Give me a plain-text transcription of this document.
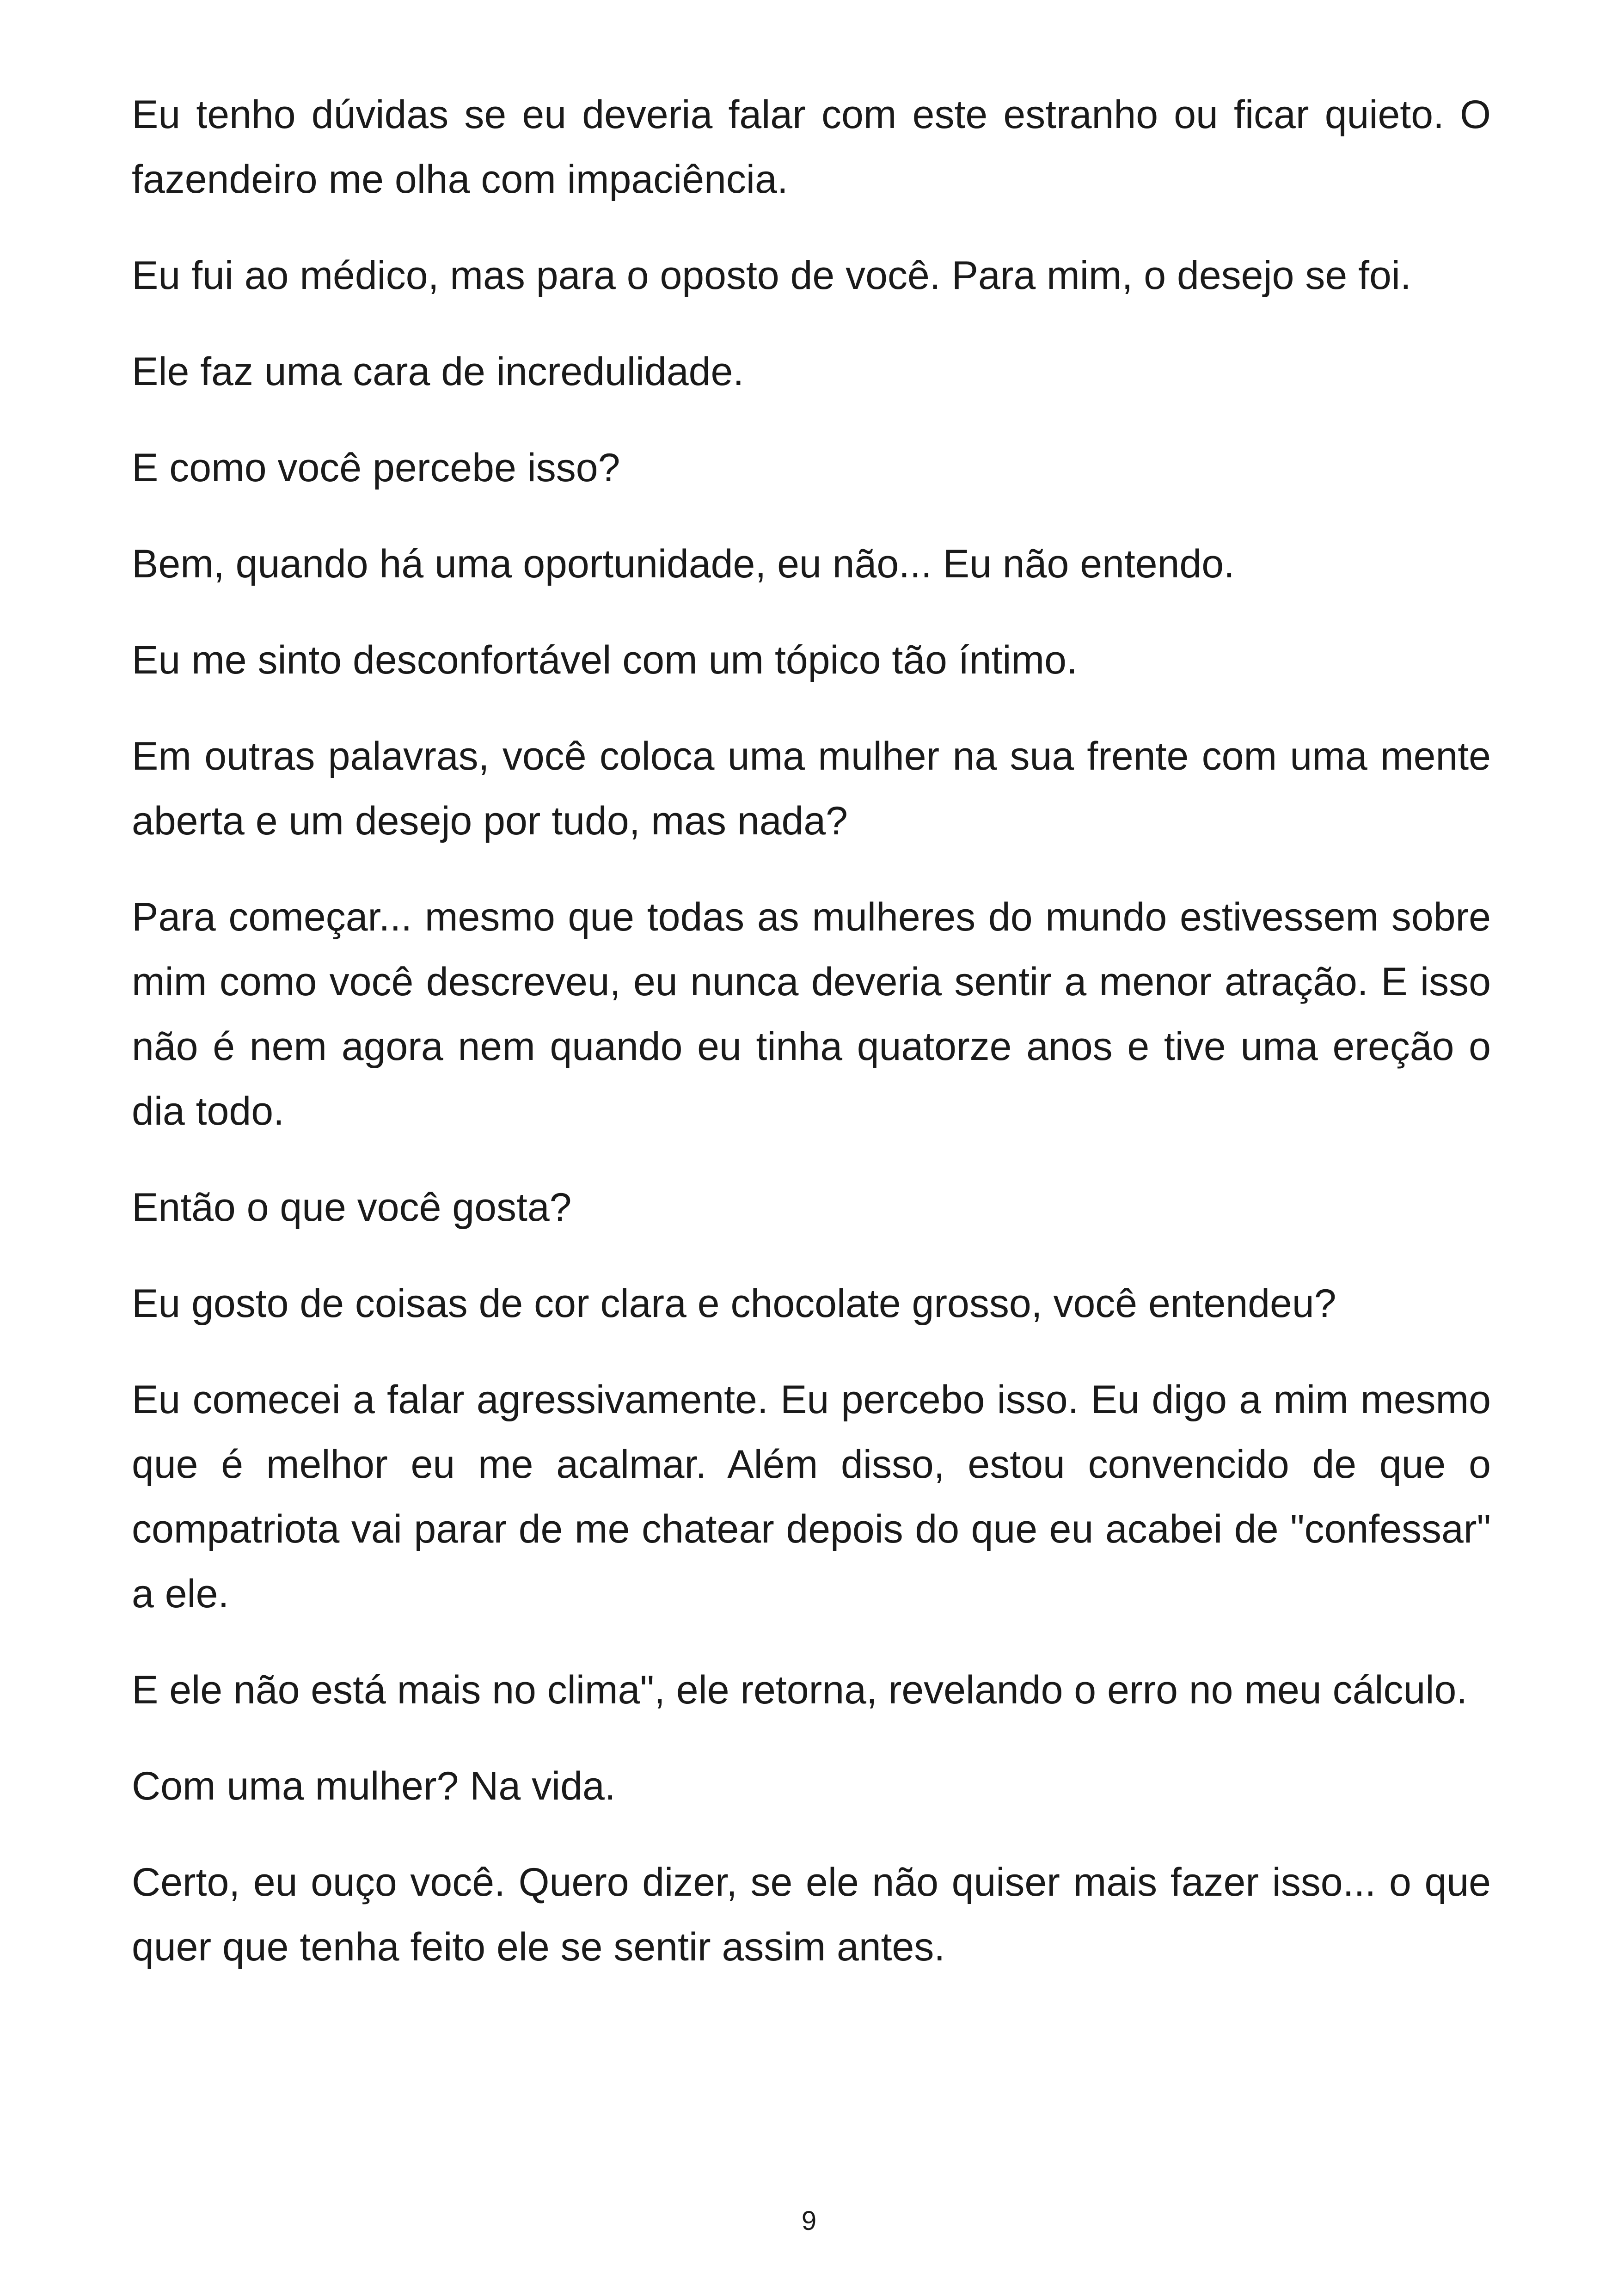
Eu tenho dúvidas se eu deveria falar com este estranho ou ficar quieto. O fazendeiro me olha com impaciência.

Eu fui ao médico, mas para o oposto de você. Para mim, o desejo se foi.

Ele faz uma cara de incredulidade.

E como você percebe isso?

Bem, quando há uma oportunidade, eu não... Eu não entendo.

Eu me sinto desconfortável com um tópico tão íntimo.

Em outras palavras, você coloca uma mulher na sua frente com uma mente aberta e um desejo por tudo, mas nada?

Para começar... mesmo que todas as mulheres do mundo estivessem sobre mim como você descreveu, eu nunca deveria sentir a menor atração. E isso não é nem agora nem quando eu tinha quatorze anos e tive uma ereção o dia todo.

Então o que você gosta?

Eu gosto de coisas de cor clara e chocolate grosso, você entendeu?

Eu comecei a falar agressivamente. Eu percebo isso. Eu digo a mim mesmo que é melhor eu me acalmar. Além disso, estou convencido de que o compatriota vai parar de me chatear depois do que eu acabei de "confessar" a ele.

E ele não está mais no clima", ele retorna, revelando o erro no meu cálculo.

Com uma mulher? Na vida.

Certo, eu ouço você. Quero dizer, se ele não quiser mais fazer isso... o que quer que tenha feito ele se sentir assim antes.

9
